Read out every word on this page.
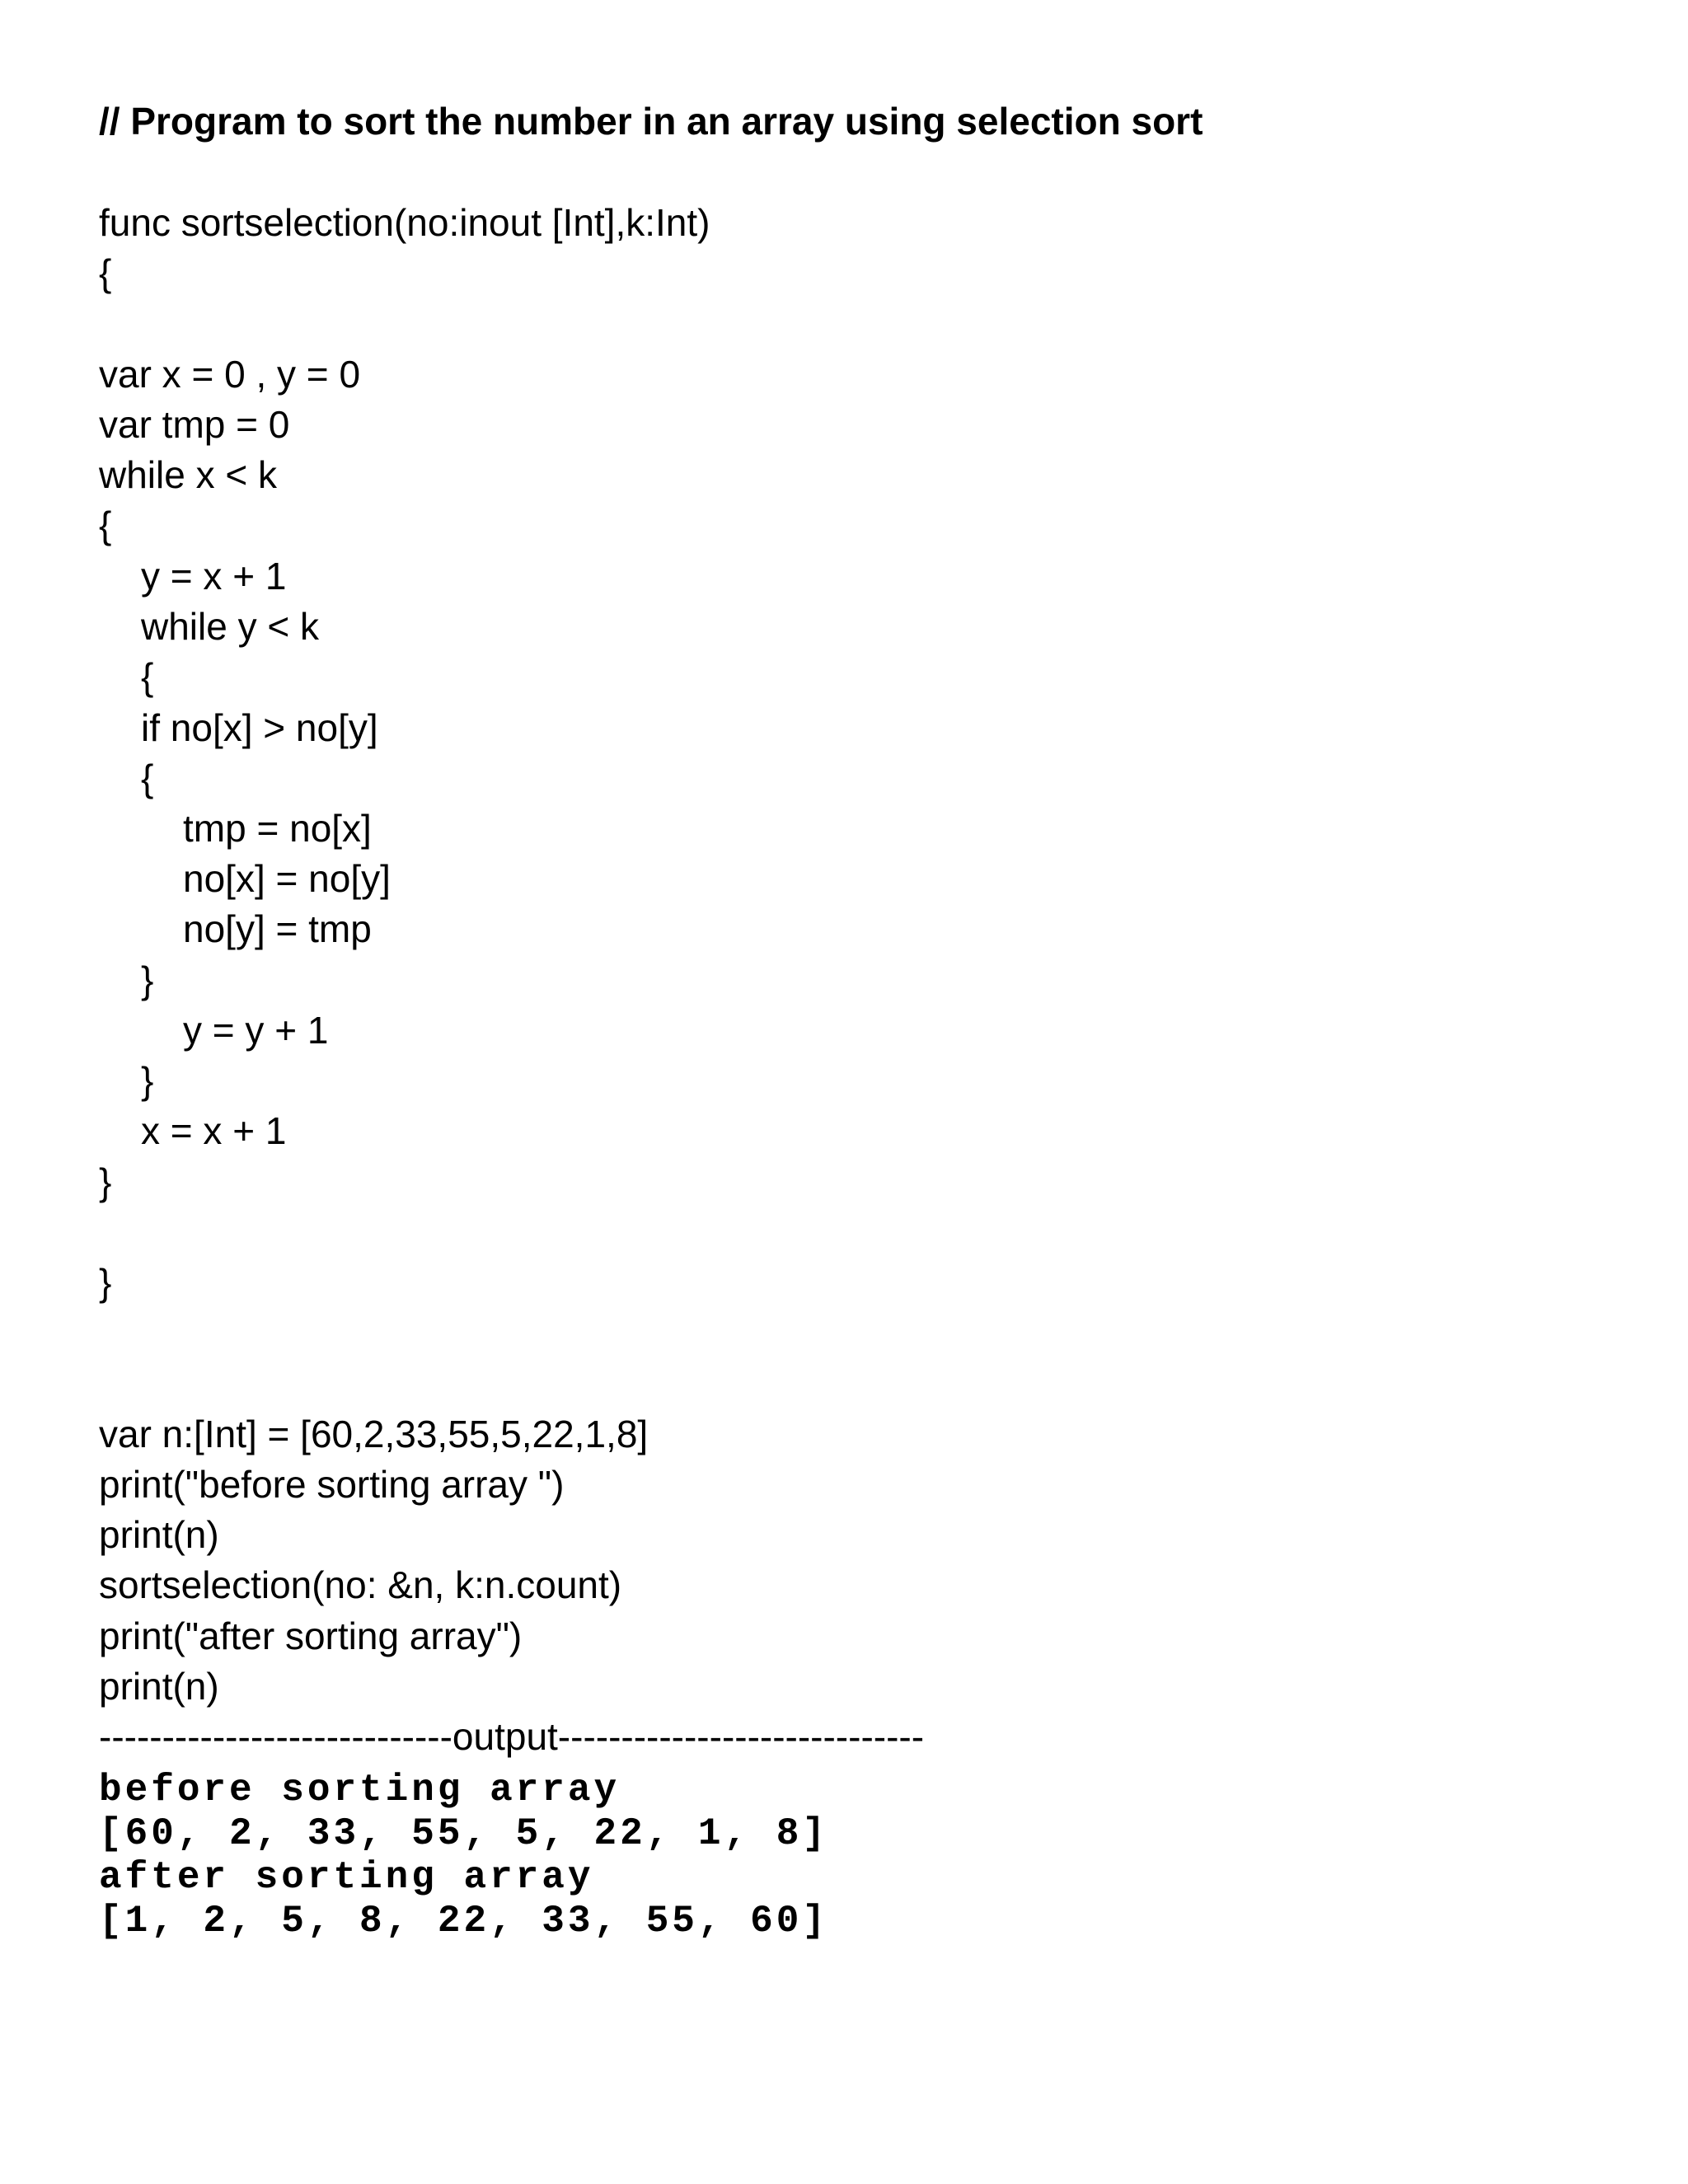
// Program to sort the number in an array using selection sort
func sortselection(no:inout [Int],k:Int)
{
var x = 0 , y = 0
var tmp = 0
while x < k
{
y = x + 1
while y < k
{
if no[x] > no[y]
{
tmp = no[x]
no[x] = no[y]
no[y] = tmp
}
y = y + 1
}
x = x + 1
}
}
var n:[Int] = [60,2,33,55,5,22,1,8]
print("before sorting array ")
print(n)
sortselection(no: &n, k:n.count)
print("after sorting array")
print(n)
----------------------------output-----------------------------
before sorting array
[60, 2, 33, 55, 5, 22, 1, 8]
after sorting array
[1, 2, 5, 8, 22, 33, 55, 60]
